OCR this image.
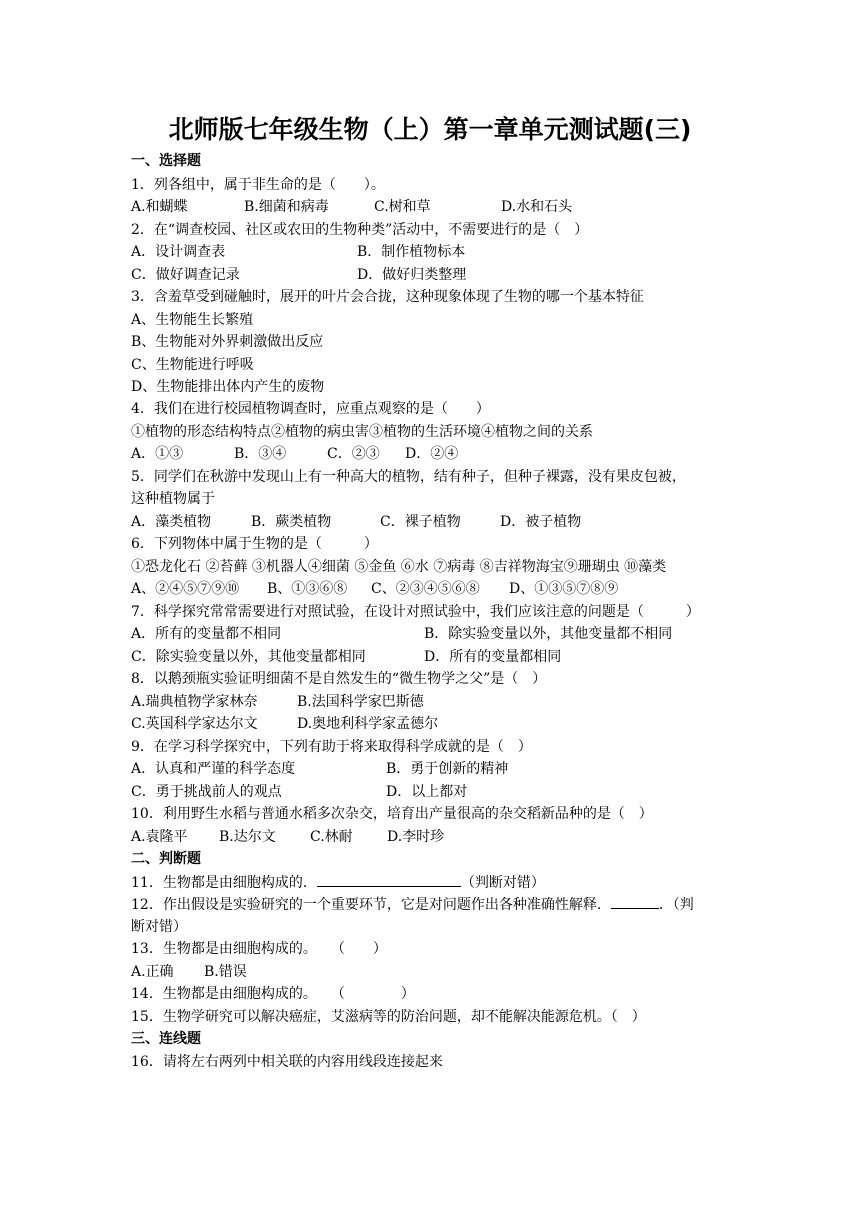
北师版七年级生物（上）第一章单元测试题(三)
一、选择题
1．列各组中，属于非生命的是（　　）。
A.和蝴蝶	B.细菌和病毒	C.树和草	D.水和石头
2．在“调查校园、社区或农田的生物种类”活动中，不需要进行的是（　）
A．设计调查表	B．制作植物标本
C．做好调查记录	D．做好归类整理
3．含羞草受到碰触时，展开的叶片会合拢，这种现象体现了生物的哪一个基本特征
A、生物能生长繁殖
B、生物能对外界刺激做出反应
C、生物能进行呼吸
D、生物能排出体内产生的废物
4．我们在进行校园植物调查时，应重点观察的是（　　）
①植物的形态结构特点②植物的病虫害③植物的生活环境④植物之间的关系
A．①③	B．③④	C．②③ D．②④
5．同学们在秋游中发现山上有一种高大的植物，结有种子，但种子裸露，没有果皮包被，
这种植物属于
A．藻类植物	B．蕨类植物	C．裸子植物	D．被子植物
6．下列物体中属于生物的是（　　　）
①恐龙化石 ②苔藓 ③机器人④细菌 ⑤金鱼 ⑥水 ⑦病毒 ⑧吉祥物海宝⑨珊瑚虫 ⑩藻类
A、②④⑤⑦⑨⑩ B、①③⑥⑧ C、②③④⑤⑥⑧ D、①③⑤⑦⑧⑨
7．科学探究常常需要进行对照试验，在设计对照试验中，我们应该注意的问题是（　　　）
A．所有的变量都不相同	B．除实验变量以外，其他变量都不相同
C．除实验变量以外，其他变量都相同	D．所有的变量都相同
8．以鹅颈瓶实验证明细菌不是自然发生的“微生物学之父”是（　）
A.瑞典植物学家林奈	B.法国科学家巴斯德
C.英国科学家达尔文	D.奥地利科学家孟德尔
9．在学习科学探究中，下列有助于将来取得科学成就的是（　）
A．认真和严谨的科学态度	B．勇于创新的精神
C．勇于挑战前人的观点	D．以上都对
10．利用野生水稻与普通水稻多次杂交，培育出产量很高的杂交稻新品种的是（　）
A.袁隆平 B.达尔文 C.林耐 D.李时珍
二、判断题
11．生物都是由细胞构成的．	（判断对错）
12．作出假设是实验研究的一个重要环节，它是对问题作出各种准确性解释．	．（判
断对错）
13．生物都是由细胞构成的。　　（　　）
A.正确 B.错误
14．生物都是由细胞构成的。　　（　　　　）
15．生物学研究可以解决癌症，艾滋病等的防治问题，却不能解决能源危机。（　）
三、连线题
16．请将左右两列中相关联的内容用线段连接起来
